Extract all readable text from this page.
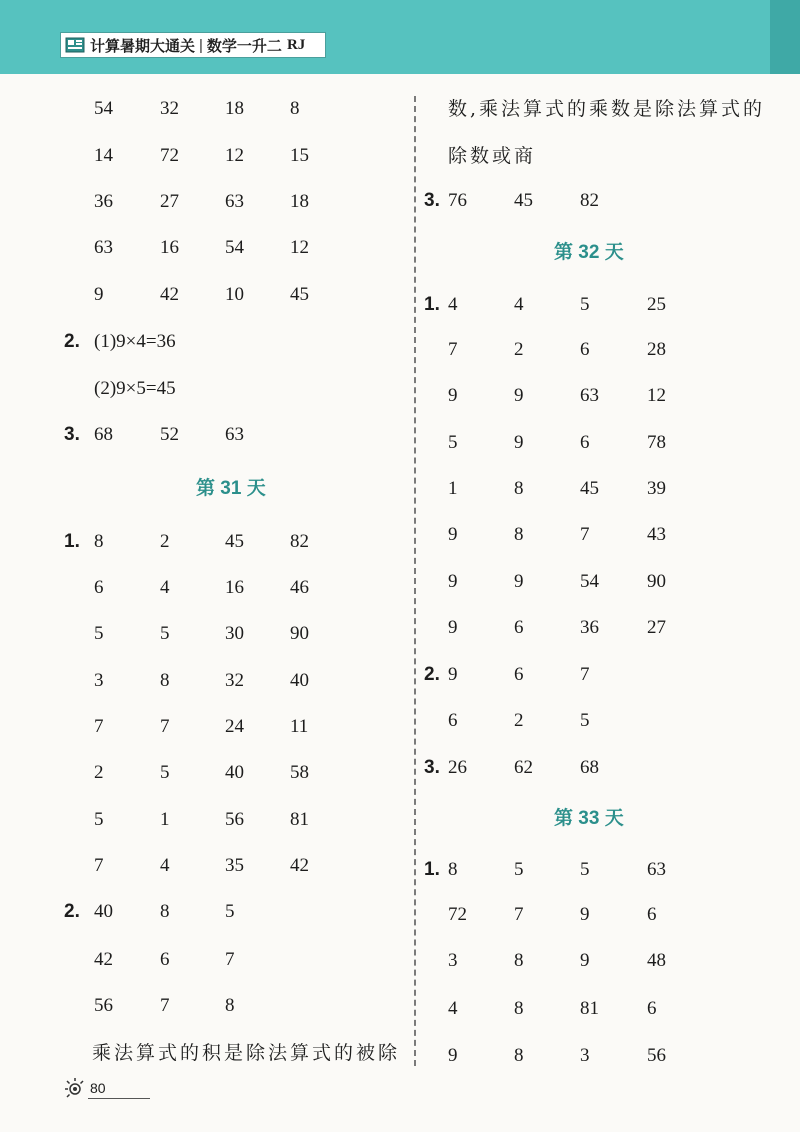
计算暑期大通关 | 数学一升二 RJ
54 32 18 8
14 72 12 15
36 27 63 18
63 16 54 12
9	42 10 45
2. (1)9×4=36
(2)9×5=45
3. 68 52 63
第 31 天
1. 8	2	45 82
6	4	16 46
5	5	30 90
3	8	32 40
7	7	24 11
2	5	40 58
5	1	56 81
7	4	35 42
2. 40 8	5
42 6	7
56 7	8
乘法算式的积是除法算式的被除
数,乘法算式的乘数是除法算式的
除数或商
3. 76 45 82
第 32 天
1. 4	4	5	25
7	2	6	28
9	9	63	12
5	9	6	78
1	8	45	39
9	8	7	43
9	9	54	90
9	6	36	27
2. 9	6	7
6	2	5
3. 26 62 68
第 33 天
1. 8	5	5	63
72 7	9	6
3	8	9	48
4	8	81	6
9	8	3	56
80
